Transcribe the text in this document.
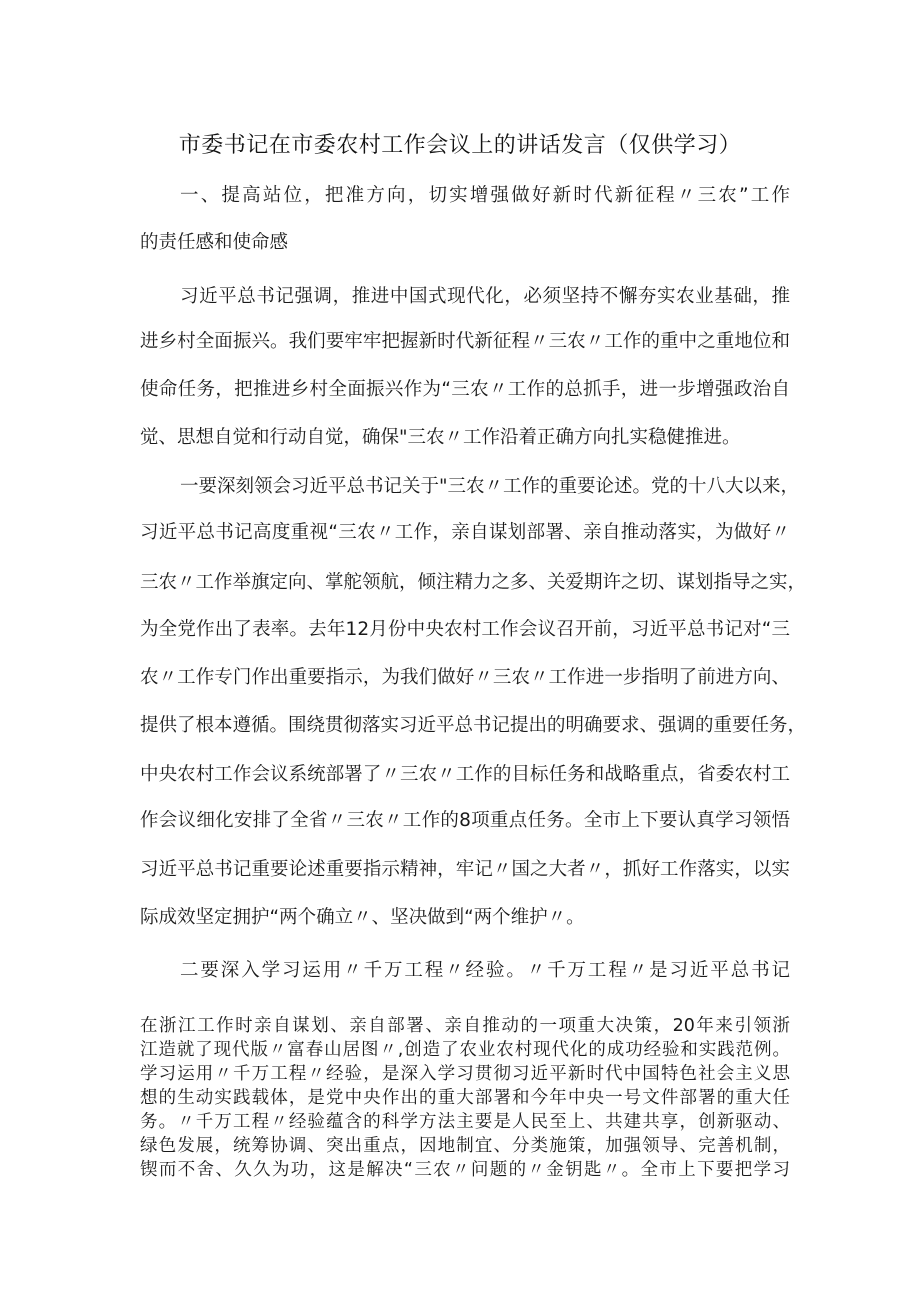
市委书记在市委农村工作会议上的讲话发言（仅供学习）
一、提高站位，把准方向，切实增强做好新时代新征程〃三农”工作
的责任感和使命感
习近平总书记强调，推进中国式现代化，必须坚持不懈夯实农业基础，推
进乡村全面振兴。我们要牢牢把握新时代新征程〃三农〃工作的重中之重地位和
使命任务，把推进乡村全面振兴作为“三农〃工作的总抓手，进一步增强政治自
觉、思想自觉和行动自觉，确保"三农〃工作沿着正确方向扎实稳健推进。
一要深刻领会习近平总书记关于"三农〃工作的重要论述。党的十八大以来，
习近平总书记高度重视“三农〃工作，亲自谋划部署、亲自推动落实，为做好〃
三农〃工作举旗定向、掌舵领航，倾注精力之多、关爱期许之切、谋划指导之实，
为全党作出了表率。去年12月份中央农村工作会议召开前，习近平总书记对“三
农〃工作专门作出重要指示，为我们做好〃三农〃工作进一步指明了前进方向、
提供了根本遵循。围绕贯彻落实习近平总书记提出的明确要求、强调的重要任务，
中央农村工作会议系统部署了〃三农〃工作的目标任务和战略重点，省委农村工
作会议细化安排了全省〃三农〃工作的8项重点任务。全市上下要认真学习领悟
习近平总书记重要论述重要指示精神，牢记〃国之大者〃，抓好工作落实，以实
际成效坚定拥护“两个确立〃、坚决做到“两个维护〃。
二要深入学习运用〃千万工程〃经验。〃千万工程〃是习近平总书记
在浙江工作时亲自谋划、亲自部署、亲自推动的一项重大决策，20年来引领浙
江造就了现代版〃富春山居图〃,创造了农业农村现代化的成功经验和实践范例。
学习运用〃千万工程〃经验，是深入学习贯彻习近平新时代中国特色社会主义思
想的生动实践载体，是党中央作出的重大部署和今年中央一号文件部署的重大任
务。〃千万工程〃经验蕴含的科学方法主要是人民至上、共建共享，创新驱动、
绿色发展，统筹协调、突出重点，因地制宜、分类施策，加强领导、完善机制，
锲而不舍、久久为功，这是解决“三农〃问题的〃金钥匙〃。全市上下要把学习
